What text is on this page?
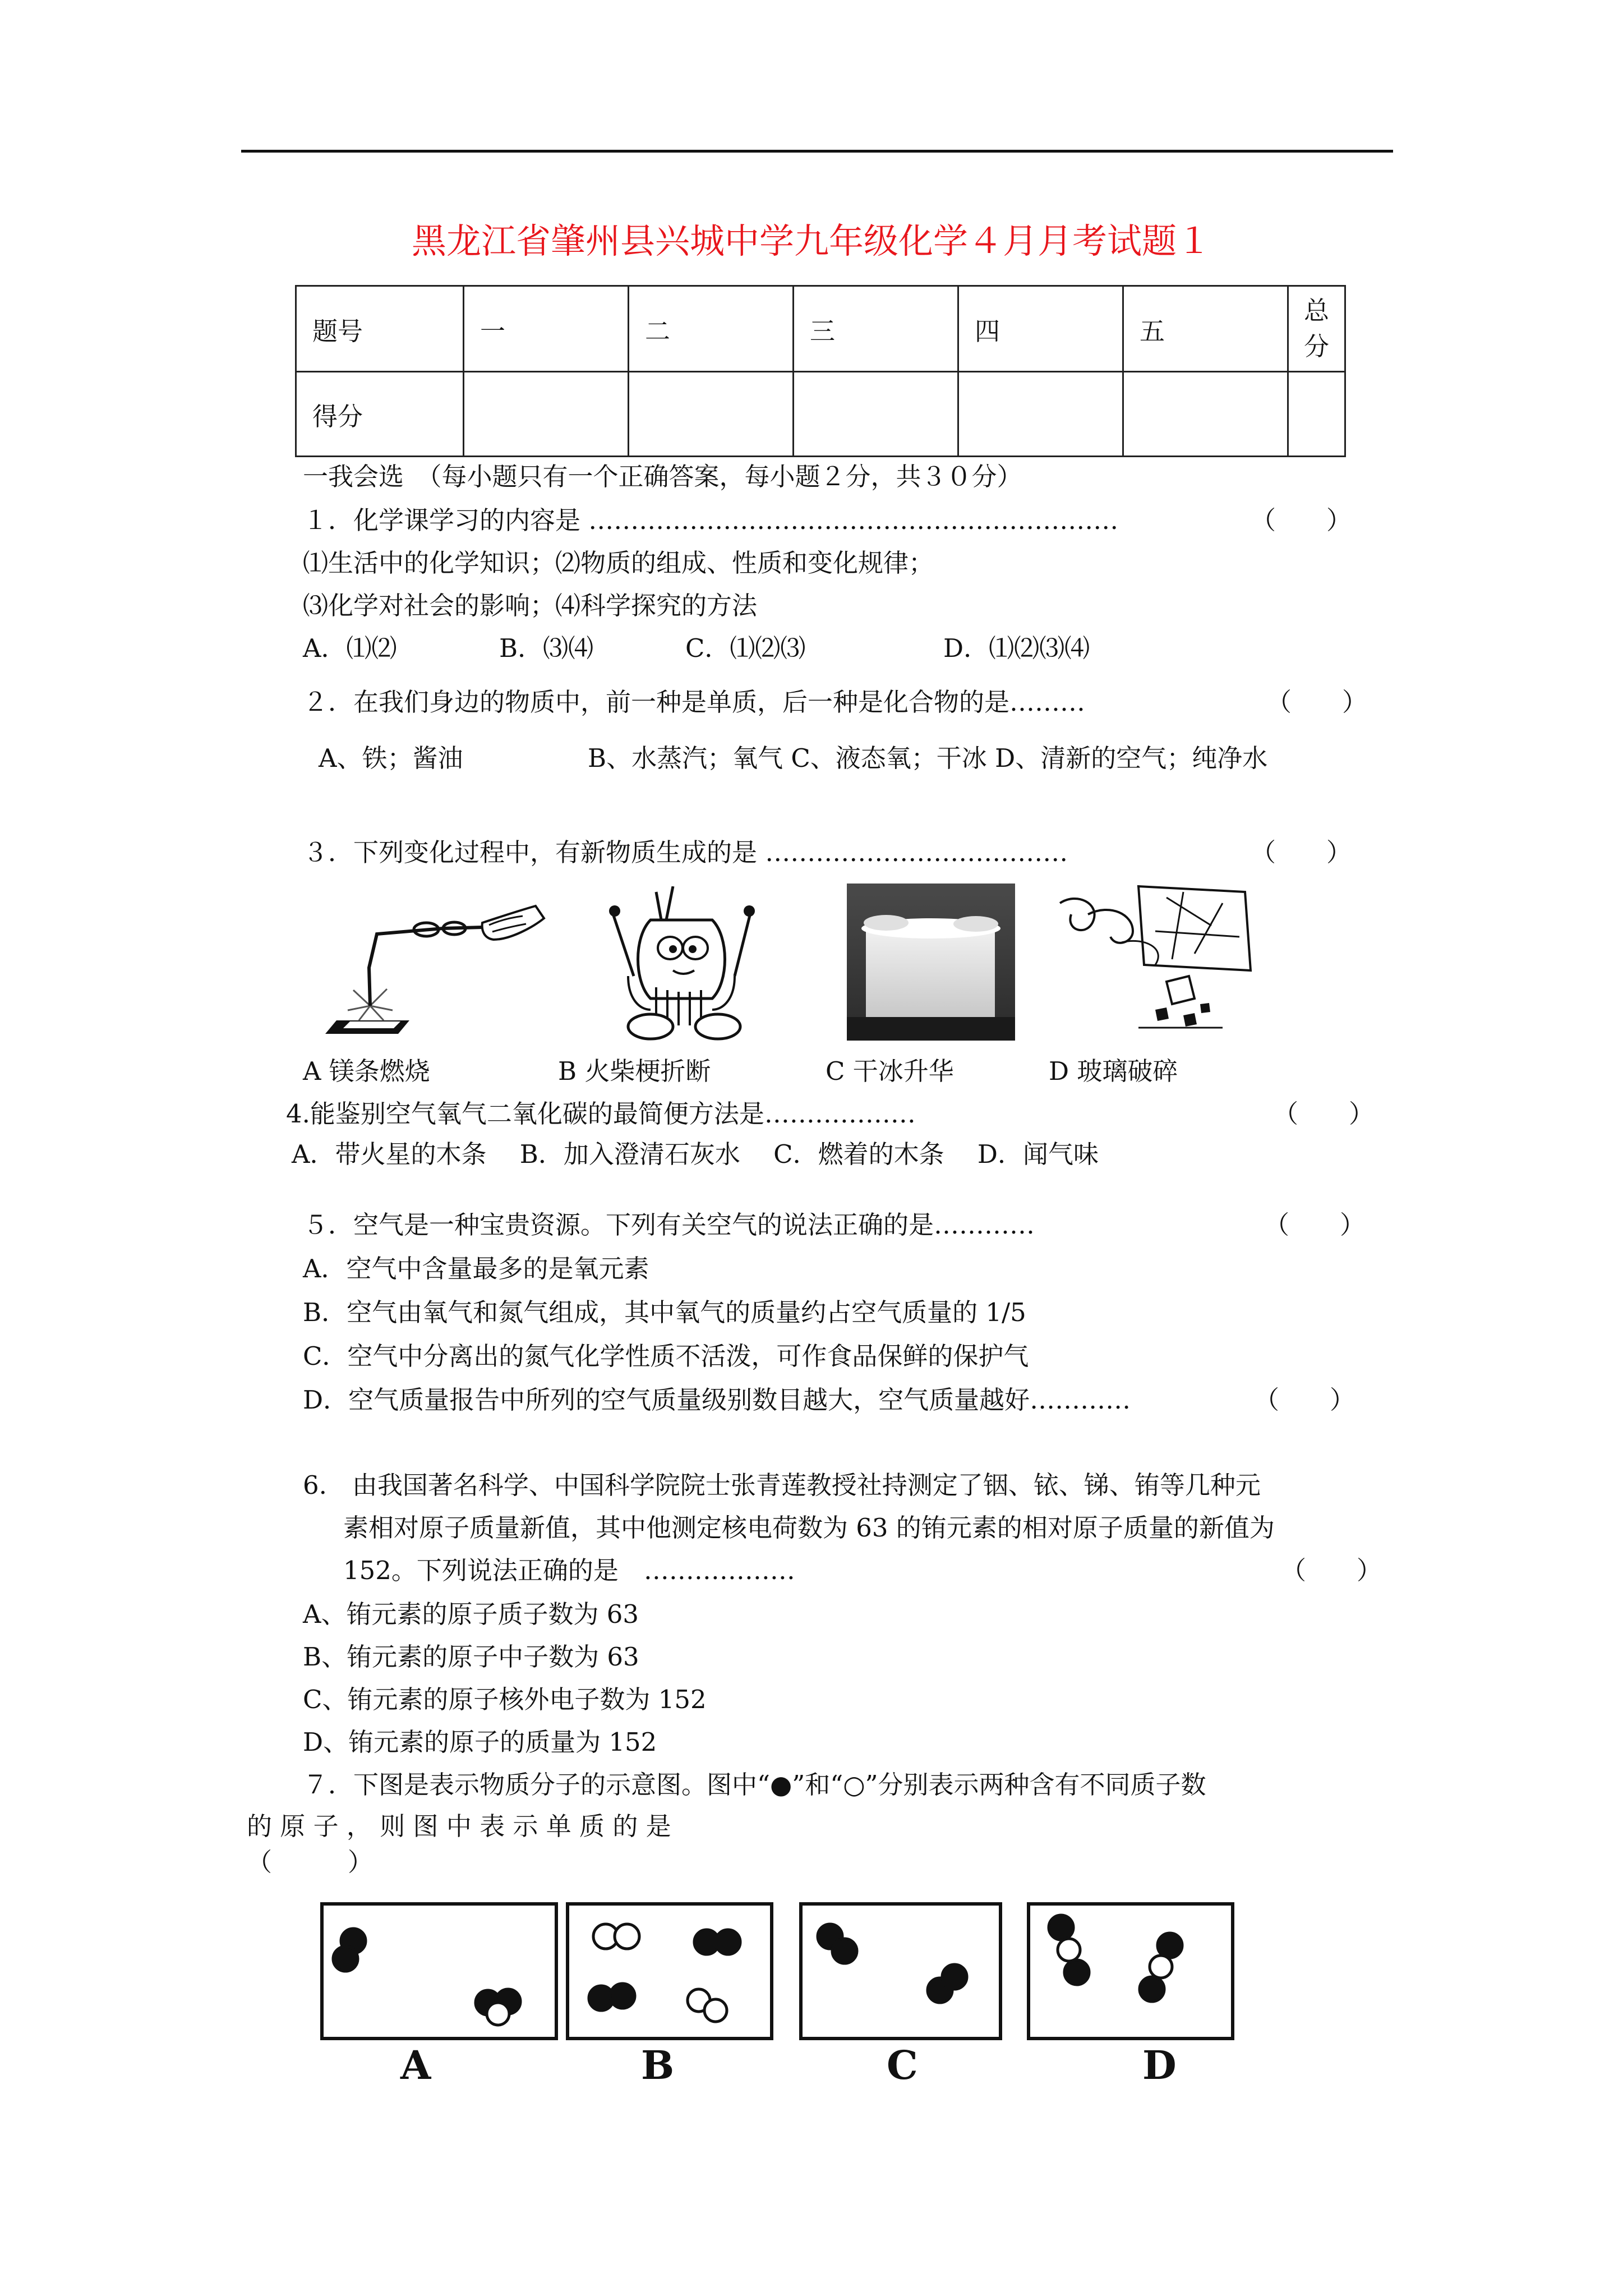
黑龙江省肇州县兴城中学九年级化学４月月考试题１
题号	一	二	三	四	五	总
分

得分						
一我会选　（每小题只有一个正确答案，每小题２分，共３０分）
１．化学课学习的内容是 ………………………………………………………	（　　）
⑴生活中的化学知识；⑵物质的组成、性质和变化规律；
⑶化学对社会的影响；⑷科学探究的方法
A．⑴⑵	B．⑶⑷	C．⑴⑵⑶	D．⑴⑵⑶⑷
２．在我们身边的物质中，前一种是单质，后一种是化合物的是………	（　　）
A、铁；酱油	B、水蒸汽；氧气 C、液态氧；干冰 D、清新的空气；纯净水
３．下列变化过程中，有新物质生成的是 ………………………………	（　　）
A 镁条燃烧	B 火柴梗折断	C 干冰升华	D 玻璃破碎
4.能鉴别空气氧气二氧化碳的最简便方法是………………	（　　）
A．带火星的木条　 B．加入澄清石灰水　 C．燃着的木条　 D．闻气味
５．空气是一种宝贵资源。下列有关空气的说法正确的是…………	（　　）
A．空气中含量最多的是氧元素
B．空气由氧气和氮气组成，其中氧气的质量约占空气质量的 1/5
C．空气中分离出的氮气化学性质不活泼，可作食品保鲜的保护气
D．空气质量报告中所列的空气质量级别数目越大，空气质量越好…………	（　　）
6.　由我国著名科学、中国科学院院士张青莲教授社持测定了铟、铱、锑、铕等几种元
素相对原子质量新值，其中他测定核电荷数为 63 的铕元素的相对原子质量的新值为
152。下列说法正确的是　………………	（　　）
A、铕元素的原子质子数为 63
B、铕元素的原子中子数为 63
C、铕元素的原子核外电子数为 152
D、铕元素的原子的质量为 152
７．下图是表示物质分子的示意图。图中“●”和“○”分别表示两种含有不同质子数
的 原 子 ， 则 图 中 表 示 单 质 的 是
（　　　）
A	B	C	D
